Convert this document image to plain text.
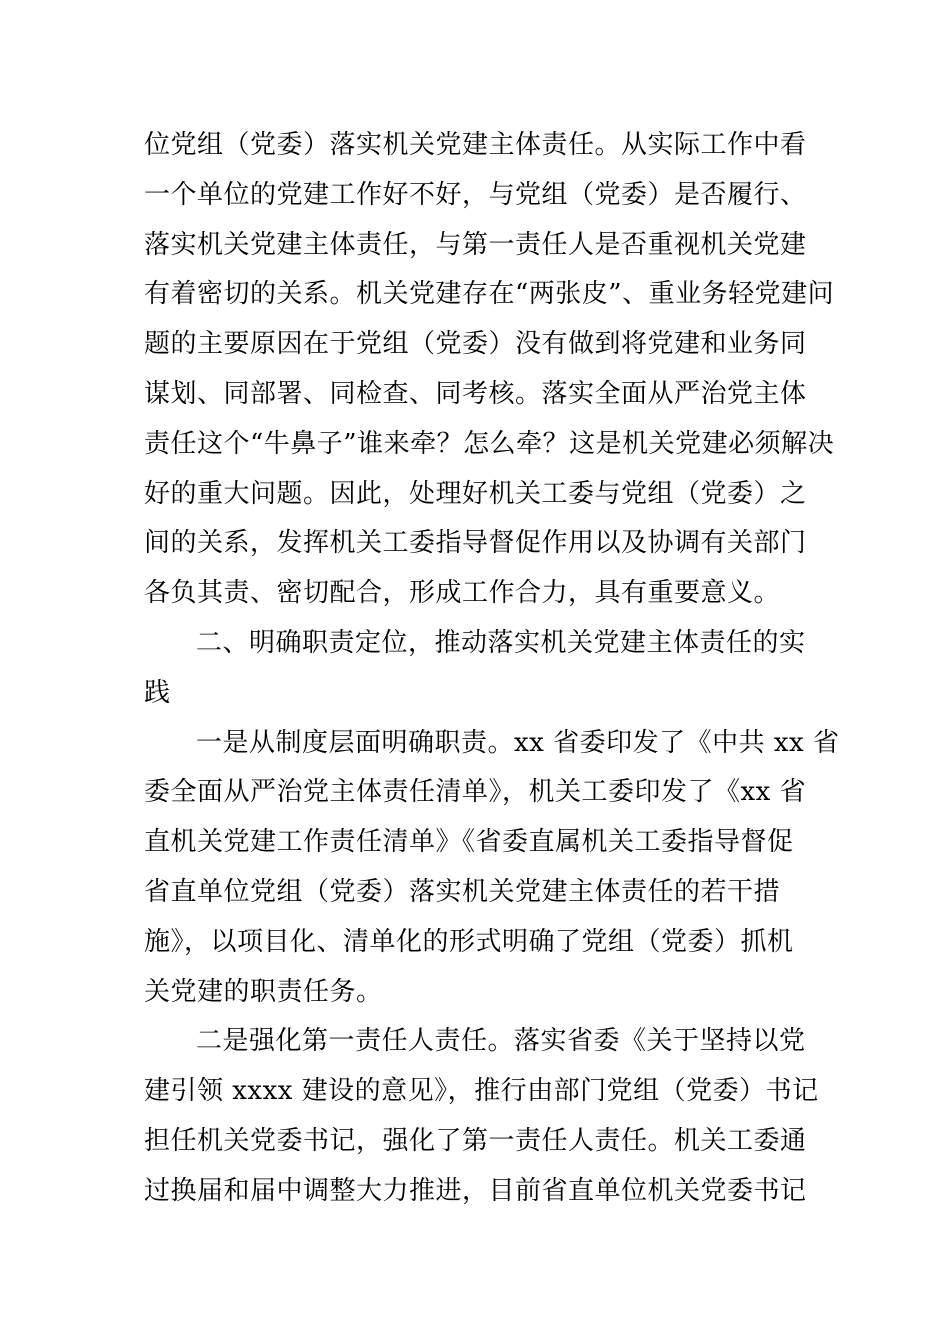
位党组（党委）落实机关党建主体责任。从实际工作中看
一个单位的党建工作好不好，与党组（党委）是否履行、
落实机关党建主体责任，与第一责任人是否重视机关党建
有着密切的关系。机关党建存在“两张皮”、重业务轻党建问
题的主要原因在于党组（党委）没有做到将党建和业务同
谋划、同部署、同检查、同考核。落实全面从严治党主体
责任这个“牛鼻子”谁来牵？怎么牵？这是机关党建必须解决
好的重大问题。因此，处理好机关工委与党组（党委）之
间的关系，发挥机关工委指导督促作用以及协调有关部门
各负其责、密切配合，形成工作合力，具有重要意义。
二、明确职责定位，推动落实机关党建主体责任的实
践
一是从制度层面明确职责。xx 省委印发了《中共 xx 省
委全面从严治党主体责任清单》，机关工委印发了《xx 省
直机关党建工作责任清单》《省委直属机关工委指导督促
省直单位党组（党委）落实机关党建主体责任的若干措
施》，以项目化、清单化的形式明确了党组（党委）抓机
关党建的职责任务。
二是强化第一责任人责任。落实省委《关于坚持以党
建引领 xxxx 建设的意见》，推行由部门党组（党委）书记
担任机关党委书记，强化了第一责任人责任。机关工委通
过换届和届中调整大力推进，目前省直单位机关党委书记
